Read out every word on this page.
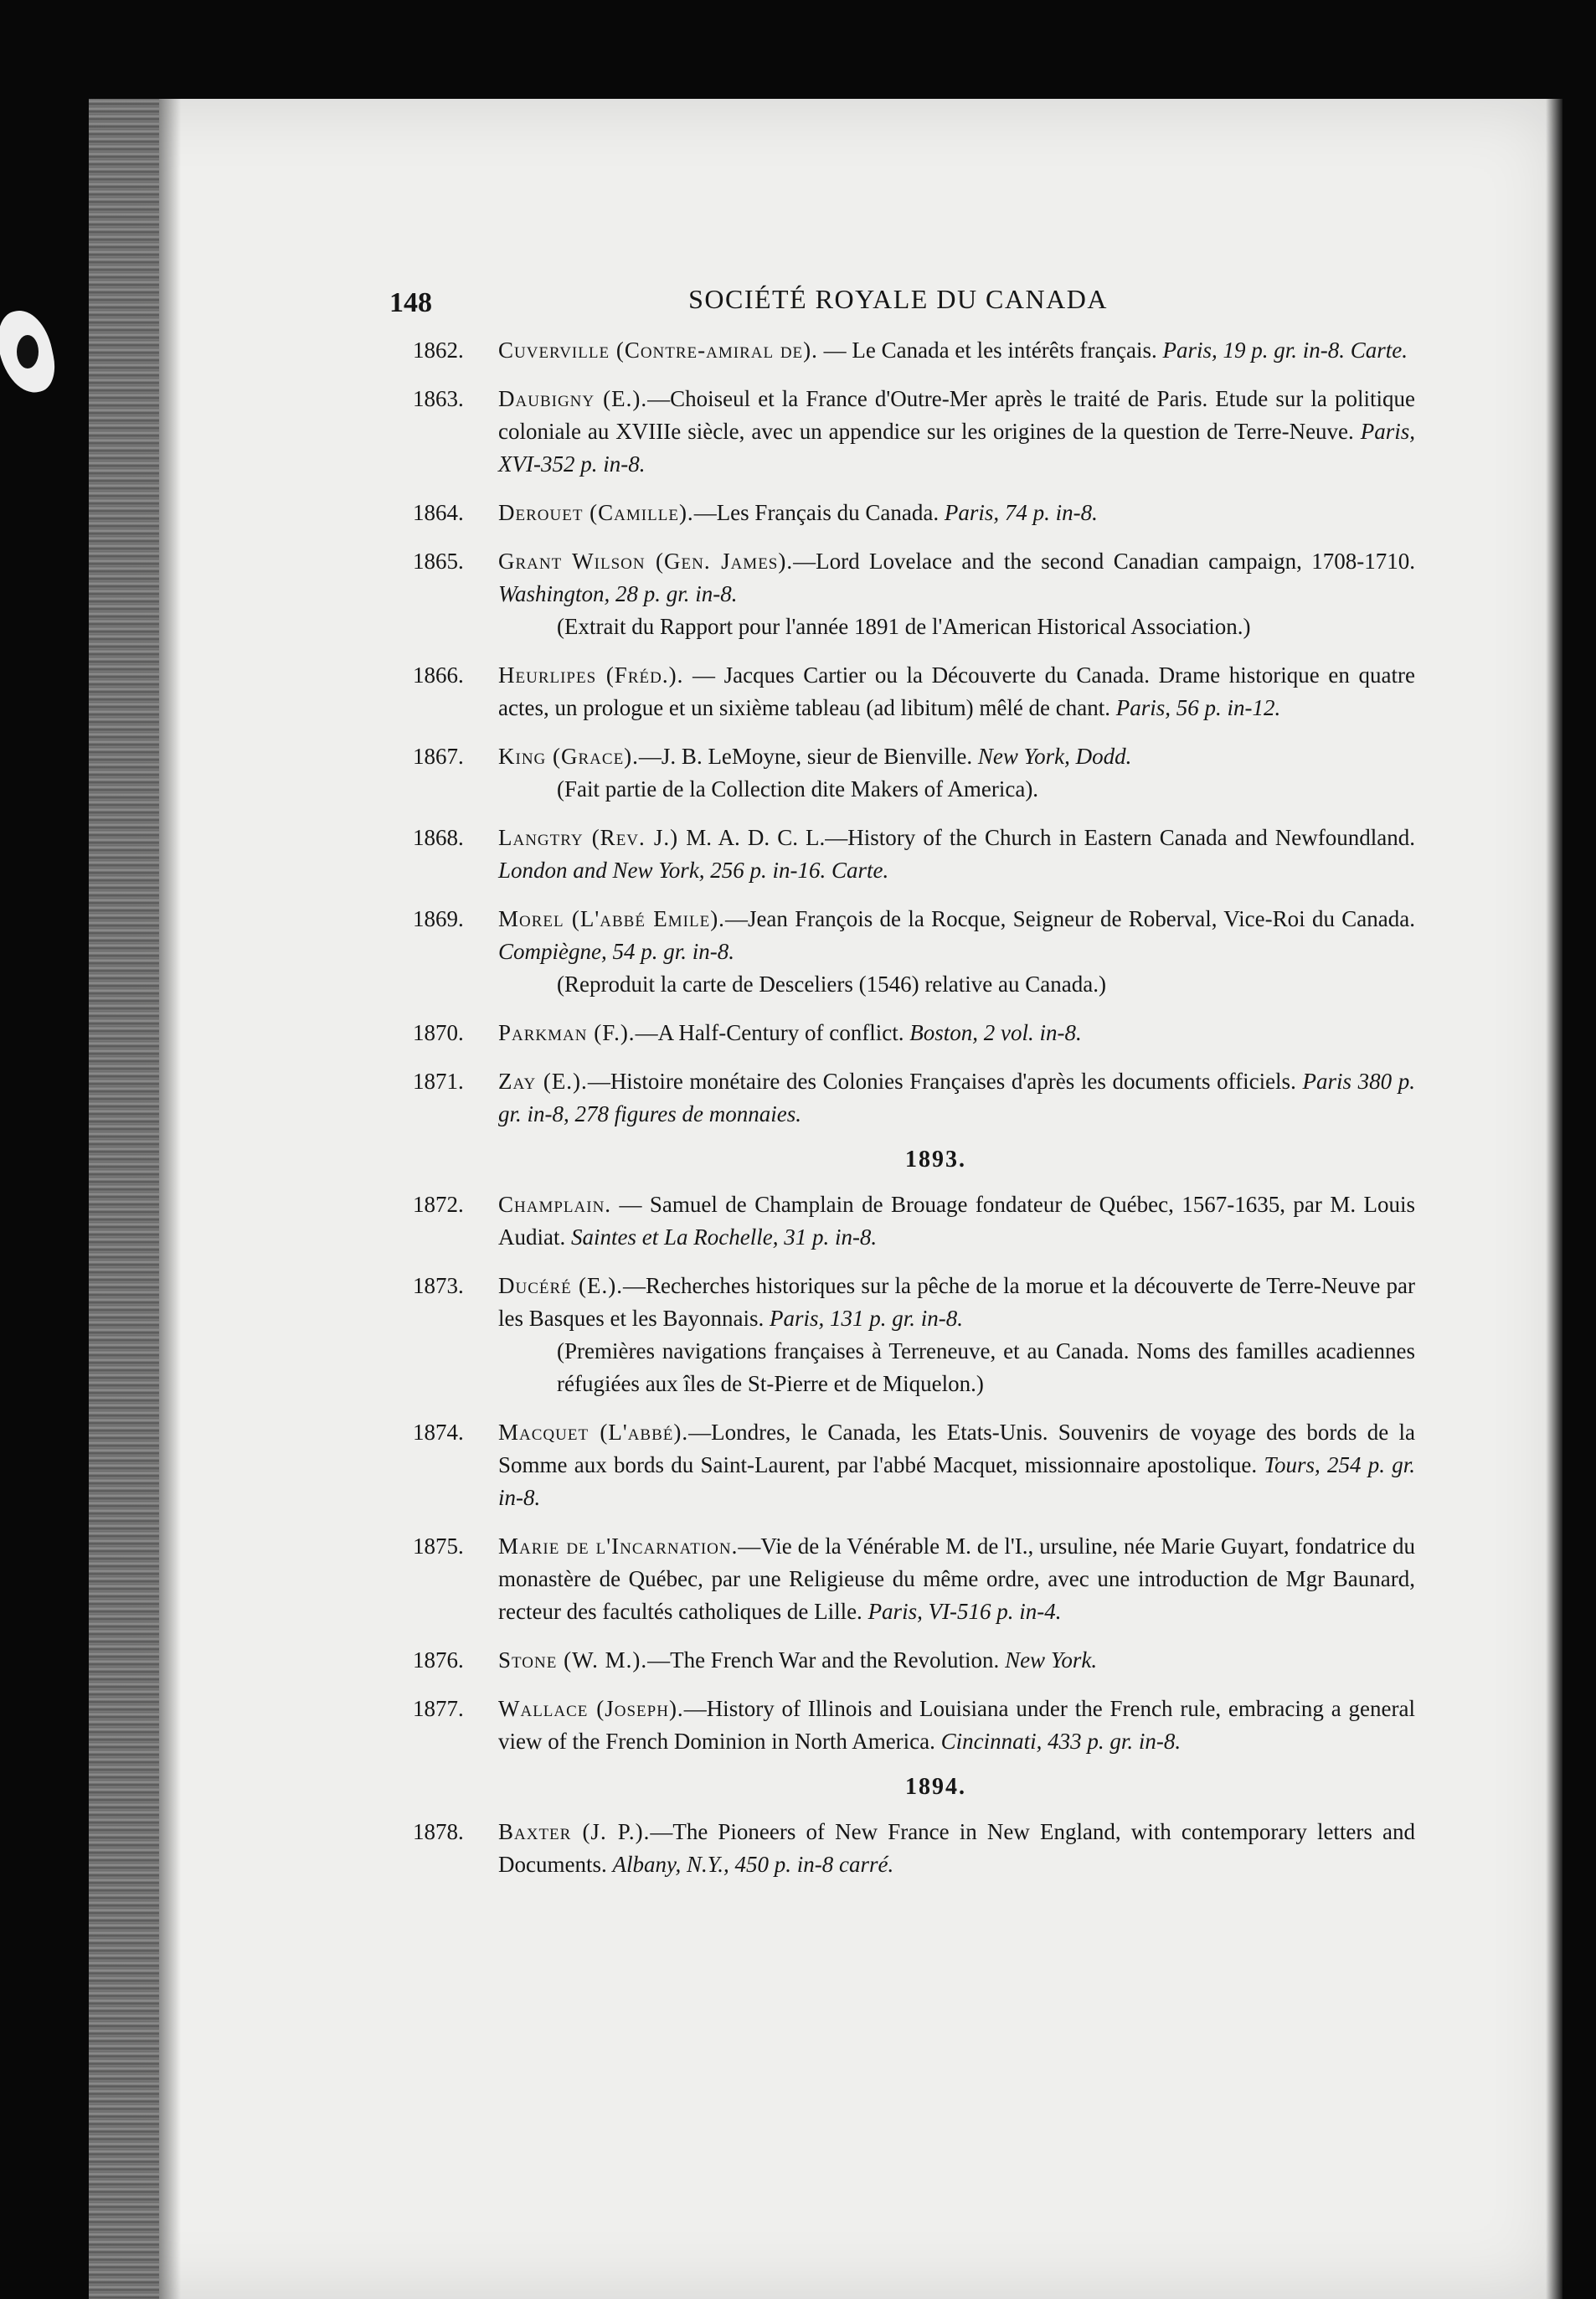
148	SOCIÉTÉ ROYALE DU CANADA
1862. Cuverville (Contre-amiral de). — Le Canada et les intérêts français. Paris, 19 p. gr. in-8. Carte.
1863. Daubigny (E.).—Choiseul et la France d'Outre-Mer après le traité de Paris. Etude sur la politique coloniale au XVIIIe siècle, avec un appendice sur les origines de la question de Terre-Neuve. Paris, XVI-352 p. in-8.
1864. Derouet (Camille).—Les Français du Canada. Paris, 74 p. in-8.
1865. Grant Wilson (Gen. James).—Lord Lovelace and the second Canadian campaign, 1708-1710. Washington, 28 p. gr. in-8.
(Extrait du Rapport pour l'année 1891 de l'American Historical Association.)
1866. Heurlipes (Fréd.). — Jacques Cartier ou la Découverte du Canada. Drame historique en quatre actes, un prologue et un sixième tableau (ad libitum) mêlé de chant. Paris, 56 p. in-12.
1867. King (Grace).—J. B. LeMoyne, sieur de Bienville. New York, Dodd.
(Fait partie de la Collection dite Makers of America).
1868. Langtry (Rev. J.) M. A. D. C. L.—History of the Church in Eastern Canada and Newfoundland. London and New York, 256 p. in-16. Carte.
1869. Morel (L'abbé Emile).—Jean François de la Rocque, Seigneur de Roberval, Vice-Roi du Canada. Compiègne, 54 p. gr. in-8.
(Reproduit la carte de Desceliers (1546) relative au Canada.)
1870. Parkman (F.).—A Half-Century of conflict. Boston, 2 vol. in-8.
1871. Zay (E.).—Histoire monétaire des Colonies Françaises d'après les documents officiels. Paris 380 p. gr. in-8, 278 figures de monnaies.
1893.
1872. Champlain. — Samuel de Champlain de Brouage fondateur de Québec, 1567-1635, par M. Louis Audiat. Saintes et La Rochelle, 31 p. in-8.
1873. Ducéré (E.).—Recherches historiques sur la pêche de la morue et la découverte de Terre-Neuve par les Basques et les Bayonnais. Paris, 131 p. gr. in-8.
(Premières navigations françaises à Terreneuve, et au Canada. Noms des familles acadiennes réfugiées aux îles de St-Pierre et de Miquelon.)
1874. Macquet (L'abbé).—Londres, le Canada, les Etats-Unis. Souvenirs de voyage des bords de la Somme aux bords du Saint-Laurent, par l'abbé Macquet, missionnaire apostolique. Tours, 254 p. gr. in-8.
1875. Marie de l'Incarnation.—Vie de la Vénérable M. de l'I., ursuline, née Marie Guyart, fondatrice du monastère de Québec, par une Religieuse du même ordre, avec une introduction de Mgr Baunard, recteur des facultés catholiques de Lille. Paris, VI-516 p. in-4.
1876. Stone (W. M.).—The French War and the Revolution. New York.
1877. Wallace (Joseph).—History of Illinois and Louisiana under the French rule, embracing a general view of the French Dominion in North America. Cincinnati, 433 p. gr. in-8.
1894.
1878. Baxter (J. P.).—The Pioneers of New France in New England, with contemporary letters and Documents. Albany, N.Y., 450 p. in-8 carré.
